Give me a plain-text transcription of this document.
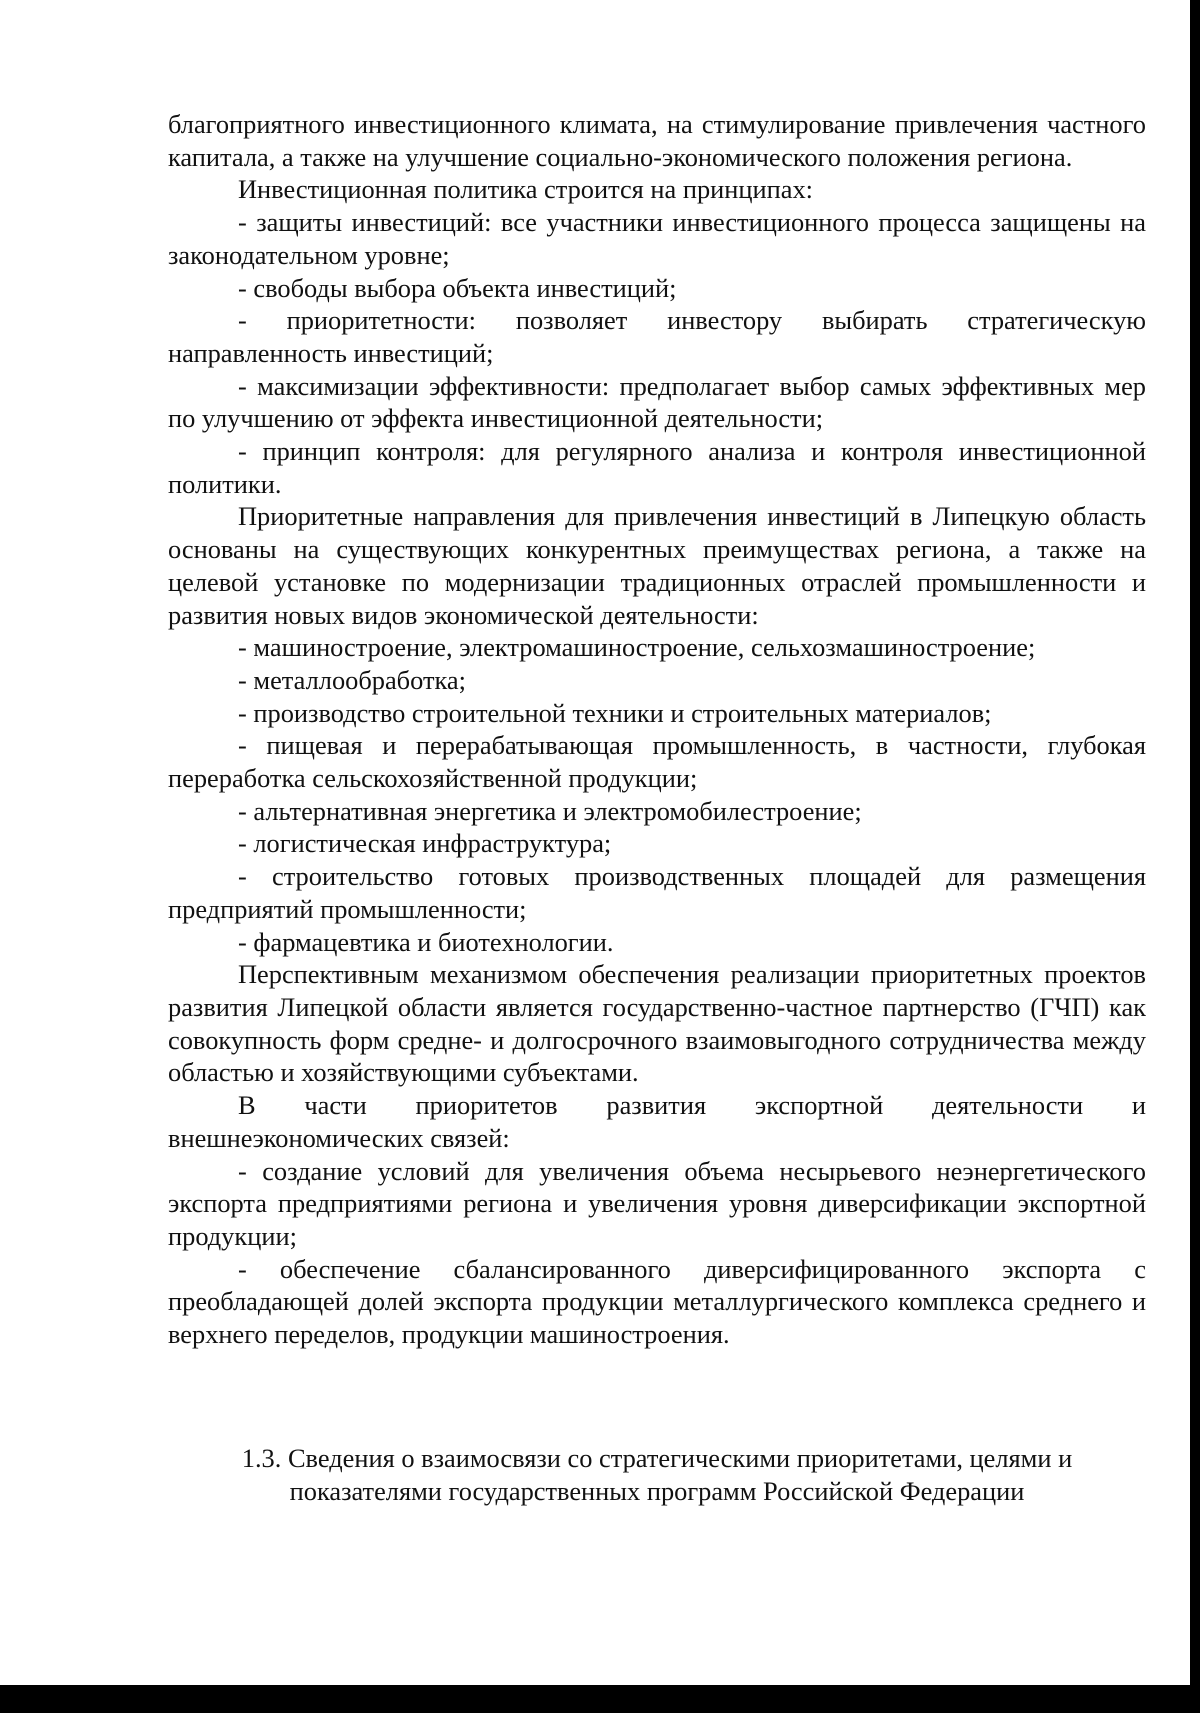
благоприятного инвестиционного климата, на стимулирование привлечения частного капитала, а также на улучшение социально-экономического положения региона.

Инвестиционная политика строится на принципах:

- защиты инвестиций: все участники инвестиционного процесса защищены на законодательном уровне;

- свободы выбора объекта инвестиций;

- приоритетности: позволяет инвестору выбирать стратегическую направленность инвестиций;

- максимизации эффективности: предполагает выбор самых эффективных мер по улучшению от эффекта инвестиционной деятельности;

- принцип контроля: для регулярного анализа и контроля инвестиционной политики.

Приоритетные направления для привлечения инвестиций в Липецкую область основаны на существующих конкурентных преимуществах региона, а также на целевой установке по модернизации традиционных отраслей промышленности и развития новых видов экономической деятельности:

- машиностроение, электромашиностроение, сельхозмашиностроение;

- металлообработка;

- производство строительной техники и строительных материалов;

- пищевая и перерабатывающая промышленность, в частности, глубокая переработка сельскохозяйственной продукции;

- альтернативная энергетика и электромобилестроение;

- логистическая инфраструктура;

- строительство готовых производственных площадей для размещения предприятий промышленности;

- фармацевтика и биотехнологии.

Перспективным механизмом обеспечения реализации приоритетных проектов развития Липецкой области является государственно-частное партнерство (ГЧП) как совокупность форм средне- и долгосрочного взаимовыгодного сотрудничества между областью и хозяйствующими субъектами.

В части приоритетов развития экспортной деятельности и внешнеэкономических связей:

- создание условий для увеличения объема несырьевого неэнергетического экспорта предприятиями региона и увеличения уровня диверсификации экспортной продукции;

- обеспечение сбалансированного диверсифицированного экспорта с преобладающей долей экспорта продукции металлургического комплекса среднего и верхнего переделов, продукции машиностроения.

1.3. Сведения о взаимосвязи со стратегическими приоритетами, целями и
показателями государственных программ Российской Федерации
